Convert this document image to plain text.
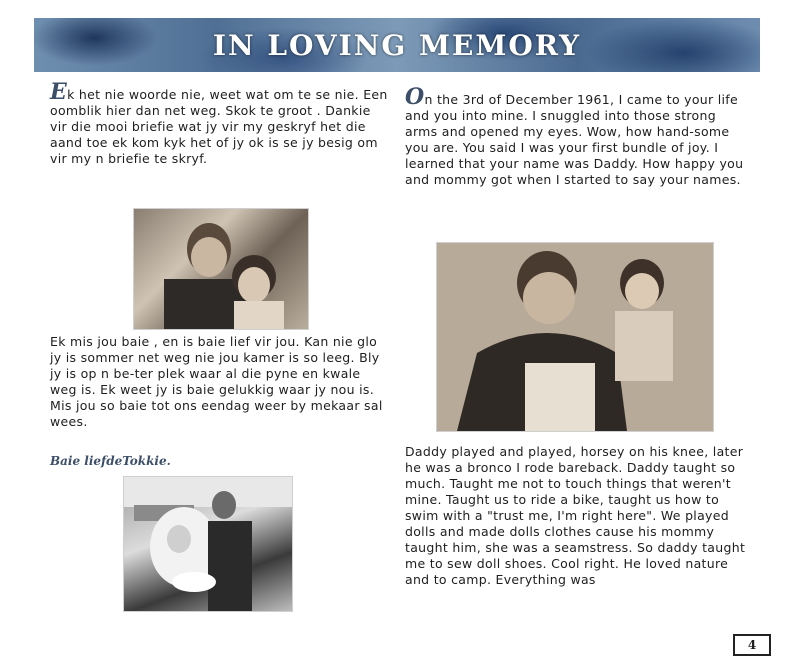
IN LOVING MEMORY

Ek het nie woorde nie, weet wat om te se nie. Een oomblik hier dan net weg. Skok te groot . Dankie vir die mooi briefie wat jy vir my geskryf het die aand toe ek kom kyk het of jy ok is se jy besig om vir my n briefie te skryf.

Ek mis jou baie , en is baie lief vir jou. Kan nie glo jy is sommer net weg nie jou kamer is so leeg. Bly jy is op n be-ter plek waar al die pyne en kwale weg is. Ek weet jy is baie gelukkig waar jy nou is. Mis jou so baie tot ons eendag weer by mekaar sal wees.

Baie liefdeTokkie.

On the 3rd of December 1961, I came to your life and you into mine. I snuggled into those strong arms and opened my eyes. Wow, how hand-some you are. You said I was your first bundle of joy. I learned that your name was Daddy. How happy you and mommy got when I started to say your names.

Daddy played and played, horsey on his knee, later he was a bronco I rode bareback. Daddy taught so much. Taught me not to touch things that weren't mine. Taught us to ride a bike, taught us how to swim with a "trust me, I'm right here". We played dolls and made dolls clothes cause his mommy taught him, she was a seamstress. So daddy taught me to sew doll shoes. Cool right. He loved nature and to camp. Everything was

4
